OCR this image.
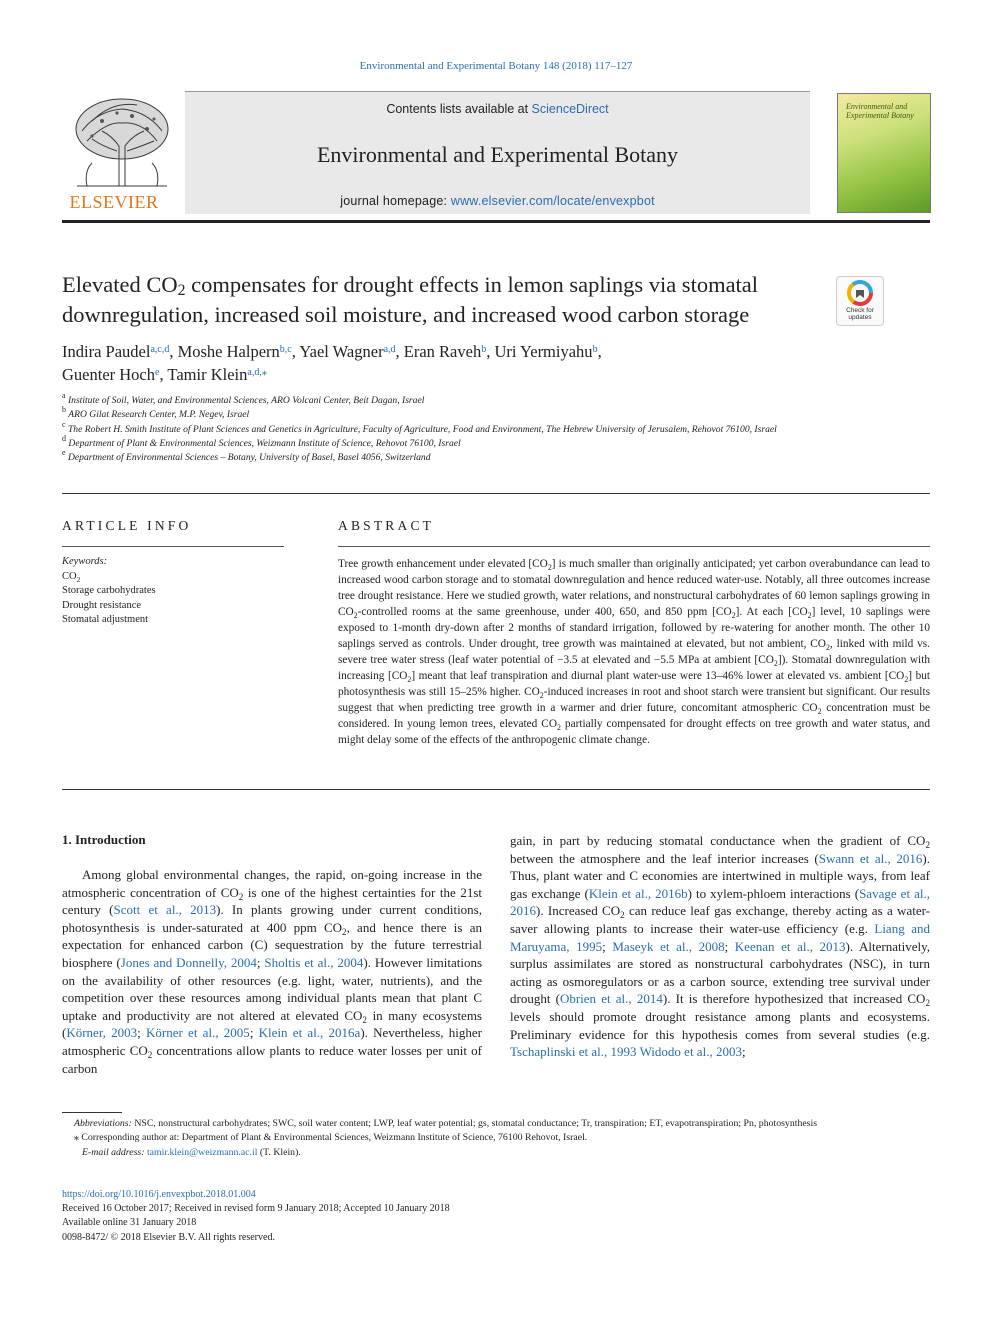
Environmental and Experimental Botany 148 (2018) 117–127
ELSEVIER
Contents lists available at ScienceDirect
Environmental and Experimental Botany
journal homepage: www.elsevier.com/locate/envexpbot
Environmental and Experimental Botany
Elevated $CO_2$ compensates for drought effects in lemon saplings via stomatal downregulation, increased soil moisture, and increased wood carbon storage	Check for updates
Indira Paudel$^{a,c,d}$, Moshe Halpern$^{b,c}$, Yael Wagner$^{a,d}$, Eran Raveh$^b$, Uri Yermiyahu$^b$,
Guenter Hoch$^e$, Tamir Klein$^{a,d,⁎}$
$^a$ Institute of Soil, Water, and Environmental Sciences, ARO Volcani Center, Beit Dagan, Israel
$^b$ ARO Gilat Research Center, M.P. Negev, Israel
$^c$ The Robert H. Smith Institute of Plant Sciences and Genetics in Agriculture, Faculty of Agriculture, Food and Environment, The Hebrew University of Jerusalem, Rehovot 76100, Israel
$^d$ Department of Plant & Environmental Sciences, Weizmann Institute of Science, Rehovot 76100, Israel
$^e$ Department of Environmental Sciences – Botany, University of Basel, Basel 4056, Switzerland
ARTICLE INFO	ABSTRACT
Keywords:
$CO_2$
Storage carbohydrates
Drought resistance
Stomatal adjustment
Tree growth enhancement under elevated $[CO_2]$ is much smaller than originally anticipated; yet carbon overabundance can lead to increased wood carbon storage and to stomatal downregulation and hence reduced water-use. Notably, all three outcomes increase tree drought resistance. Here we studied growth, water relations, and nonstructural carbohydrates of 60 lemon saplings growing in $CO_2$-controlled rooms at the same greenhouse, under 400, 650, and 850 ppm $[CO_2]$. At each $[CO_2]$ level, 10 saplings were exposed to 1-month dry-down after 2 months of standard irrigation, followed by re-watering for another month. The other 10 saplings served as controls. Under drought, tree growth was maintained at elevated, but not ambient, $CO_2$, linked with mild vs. severe tree water stress (leaf water potential of −3.5 at elevated and −5.5 MPa at ambient $[CO_2]$). Stomatal downregulation with increasing $[CO_2]$ meant that leaf transpiration and diurnal plant water-use were 13–46% lower at elevated vs. ambient $[CO_2]$ but photosynthesis was still 15–25% higher. $CO_2$-induced increases in root and shoot starch were transient but significant. Our results suggest that when predicting tree growth in a warmer and drier future, concomitant atmospheric $CO_2$ concentration must be considered. In young lemon trees, elevated $CO_2$ partially compensated for drought effects on tree growth and water status, and might delay some of the effects of the anthropogenic climate change.
1. Introduction
Among global environmental changes, the rapid, on-going increase in the atmospheric concentration of $CO_2$ is one of the highest certainties for the 21st century (Scott et al., 2013). In plants growing under current conditions, photosynthesis is under-saturated at 400 ppm $CO_2$, and hence there is an expectation for enhanced carbon (C) sequestration by the future terrestrial biosphere (Jones and Donnelly, 2004; Sholtis et al., 2004). However limitations on the availability of other resources (e.g. light, water, nutrients), and the competition over these resources among individual plants mean that plant C uptake and productivity are not altered at elevated $CO_2$ in many ecosystems (Körner, 2003; Körner et al., 2005; Klein et al., 2016a). Nevertheless, higher atmospheric $CO_2$ concentrations allow plants to reduce water losses per unit of carbon
gain, in part by reducing stomatal conductance when the gradient of $CO_2$ between the atmosphere and the leaf interior increases (Swann et al., 2016). Thus, plant water and C economies are intertwined in multiple ways, from leaf gas exchange (Klein et al., 2016b) to xylem-phloem interactions (Savage et al., 2016). Increased $CO_2$ can reduce leaf gas exchange, thereby acting as a water-saver allowing plants to increase their water-use efficiency (e.g. Liang and Maruyama, 1995; Maseyk et al., 2008; Keenan et al., 2013). Alternatively, surplus assimilates are stored as nonstructural carbohydrates (NSC), in turn acting as osmoregulators or as a carbon source, extending tree survival under drought (Obrien et al., 2014). It is therefore hypothesized that increased $CO_2$ levels should promote drought resistance among plants and ecosystems. Preliminary evidence for this hypothesis comes from several studies (e.g. Tschaplinski et al., 1993 Widodo et al., 2003;
Abbreviations: NSC, nonstructural carbohydrates; SWC, soil water content; LWP, leaf water potential; gs, stomatal conductance; Tr, transpiration; ET, evapotranspiration; Pn, photosynthesis
⁎ Corresponding author at: Department of Plant & Environmental Sciences, Weizmann Institute of Science, 76100 Rehovot, Israel.
E-mail address: tamir.klein@weizmann.ac.il (T. Klein).
https://doi.org/10.1016/j.envexpbot.2018.01.004
Received 16 October 2017; Received in revised form 9 January 2018; Accepted 10 January 2018
Available online 31 January 2018
0098-8472/ © 2018 Elsevier B.V. All rights reserved.
